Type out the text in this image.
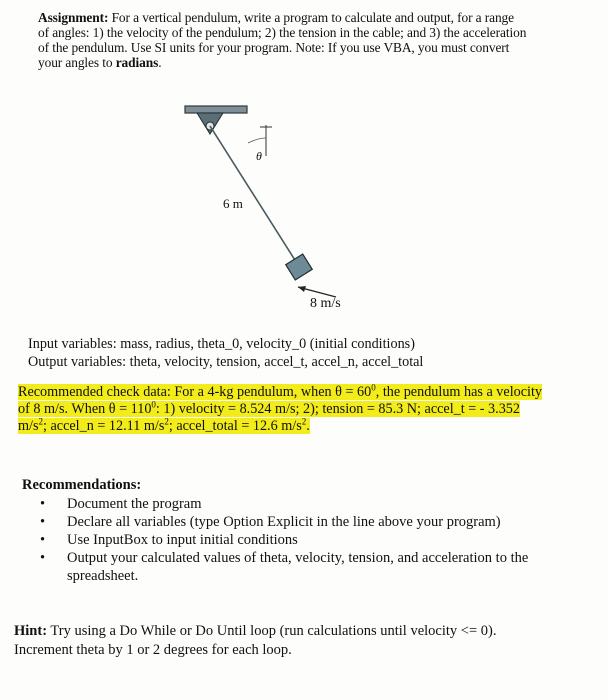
Assignment: For a vertical pendulum, write a program to calculate and output, for a range
of angles: 1) the velocity of the pendulum; 2) the tension in the cable; and 3) the acceleration
of the pendulum. Use SI units for your program. Note: If you use VBA, you must convert
your angles to radians.
θ
6 m
8 m/s
Input variables: mass, radius, theta_0, velocity_0 (initial conditions)
Output variables: theta, velocity, tension, accel_t, accel_n, accel_total
Recommended check data: For a 4-kg pendulum, when $\theta = 60^0$, the pendulum has a velocity
of 8 m/s. When $\theta = 110^0$: 1) velocity = 8.524 m/s; 2); tension = 85.3 N; accel_t = - 3.352
$m/s^2$; accel_n = 12.11 $m/s^2$; accel_total = 12.6 $m/s^2$.
Recommendations:
• Document the program
• Declare all variables (type Option Explicit in the line above your program)
• Use InputBox to input initial conditions
• Output your calculated values of theta, velocity, tension, and acceleration to the spreadsheet.
Hint: Try using a Do While or Do Until loop (run calculations until velocity <= 0).
Increment theta by 1 or 2 degrees for each loop.
